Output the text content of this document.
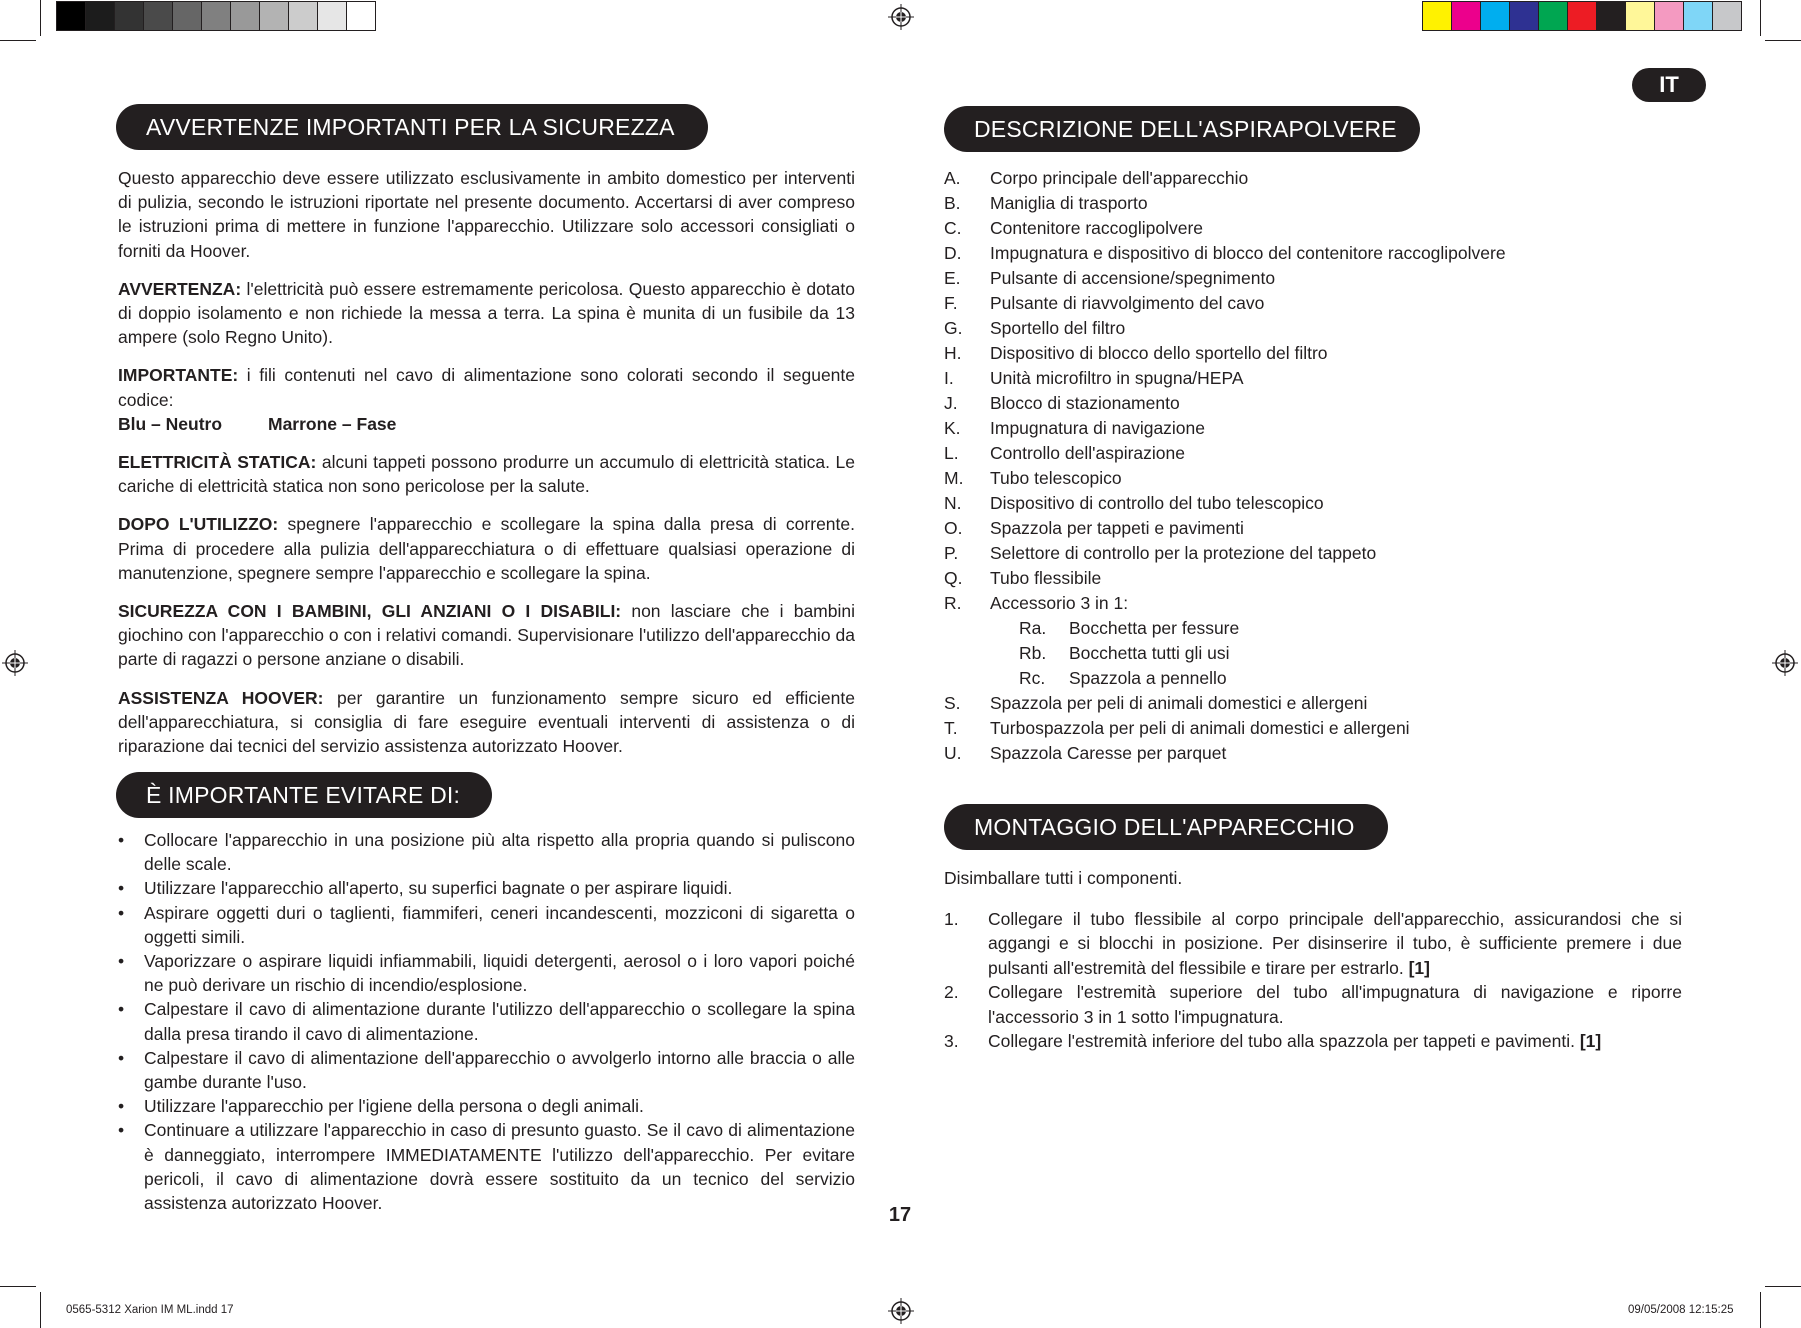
IT
AVVERTENZE IMPORTANTI PER LA SICUREZZA

Questo apparecchio deve essere utilizzato esclusivamente in ambito domestico per interventi di pulizia, secondo le istruzioni riportate nel presente documento. Accertarsi di aver compreso le istruzioni prima di mettere in funzione l'apparecchio. Utilizzare solo accessori consigliati o forniti da Hoover.

AVVERTENZA: l'elettricità può essere estremamente pericolosa. Questo apparecchio è dotato di doppio isolamento e non richiede la messa a terra. La spina è munita di un fusibile da 13 ampere (solo Regno Unito).

IMPORTANTE: i fili contenuti nel cavo di alimentazione sono colorati secondo il seguente codice:

Blu – Neutro	Marrone – Fase

ELETTRICITÀ STATICA: alcuni tappeti possono produrre un accumulo di elettricità statica. Le cariche di elettricità statica non sono pericolose per la salute.

DOPO L'UTILIZZO: spegnere l'apparecchio e scollegare la spina dalla presa di corrente. Prima di procedere alla pulizia dell'apparecchiatura o di effettuare qualsiasi operazione di manutenzione, spegnere sempre l'apparecchio e scollegare la spina.

SICUREZZA CON I BAMBINI, GLI ANZIANI O I DISABILI: non lasciare che i bambini giochino con l'apparecchio o con i relativi comandi. Supervisionare l'utilizzo dell'apparecchio da parte di ragazzi o persone anziane o disabili.

ASSISTENZA HOOVER: per garantire un funzionamento sempre sicuro ed efficiente dell'apparecchiatura, si consiglia di fare eseguire eventuali interventi di assistenza o di riparazione dai tecnici del servizio assistenza autorizzato Hoover.

È IMPORTANTE EVITARE DI:
• Collocare l'apparecchio in una posizione più alta rispetto alla propria quando si puliscono delle scale.
• Utilizzare l'apparecchio all'aperto, su superfici bagnate o per aspirare liquidi.
• Aspirare oggetti duri o taglienti, fiammiferi, ceneri incandescenti, mozziconi di sigaretta o oggetti simili.
• Vaporizzare o aspirare liquidi infiammabili, liquidi detergenti, aerosol o i loro vapori poiché ne può derivare un rischio di incendio/esplosione.
• Calpestare il cavo di alimentazione durante l'utilizzo dell'apparecchio o scollegare la spina dalla presa tirando il cavo di alimentazione.
• Calpestare il cavo di alimentazione dell'apparecchio o avvolgerlo intorno alle braccia o alle gambe durante l'uso.
• Utilizzare l'apparecchio per l'igiene della persona o degli animali.
• Continuare a utilizzare l'apparecchio in caso di presunto guasto. Se il cavo di alimentazione è danneggiato, interrompere IMMEDIATAMENTE l'utilizzo dell'apparecchio. Per evitare pericoli, il cavo di alimentazione dovrà essere sostituito da un tecnico del servizio assistenza autorizzato Hoover.
DESCRIZIONE DELL'ASPIRAPOLVERE
A.	Corpo principale dell'apparecchio
B.	Maniglia di trasporto
C.	Contenitore raccoglipolvere
D.	Impugnatura e dispositivo di blocco del contenitore raccoglipolvere
E.	Pulsante di accensione/spegnimento
F.	Pulsante di riavvolgimento del cavo
G.	Sportello del filtro
H.	Dispositivo di blocco dello sportello del filtro
I.	Unità microfiltro in spugna/HEPA
J.	Blocco di stazionamento
K.	Impugnatura di navigazione
L.	Controllo dell'aspirazione
M.	Tubo telescopico
N.	Dispositivo di controllo del tubo telescopico
O.	Spazzola per tappeti e pavimenti
P.	Selettore di controllo per la protezione del tappeto
Q.	Tubo flessibile
R.	Accessorio 3 in 1:
Ra.	Bocchetta per fessure
Rb.	Bocchetta tutti gli usi
Rc.	Spazzola a pennello
S.	Spazzola per peli di animali domestici e allergeni
T.	Turbospazzola per peli di animali domestici e allergeni
U.	Spazzola Caresse per parquet
MONTAGGIO DELL'APPARECCHIO

Disimballare tutti i componenti.

1.	Collegare il tubo flessibile al corpo principale dell'apparecchio, assicurandosi che si aggangi e si blocchi in posizione. Per disinserire il tubo, è sufficiente premere i due pulsanti all'estremità del flessibile e tirare per estrarlo. [1]
2.	Collegare l'estremità superiore del tubo all'impugnatura di navigazione e riporre l'accessorio 3 in 1 sotto l'impugnatura.
3.	Collegare l'estremità inferiore del tubo alla spazzola per tappeti e pavimenti. [1]
17
0565-5312 Xarion IM ML.indd 17	09/05/2008 12:15:25
